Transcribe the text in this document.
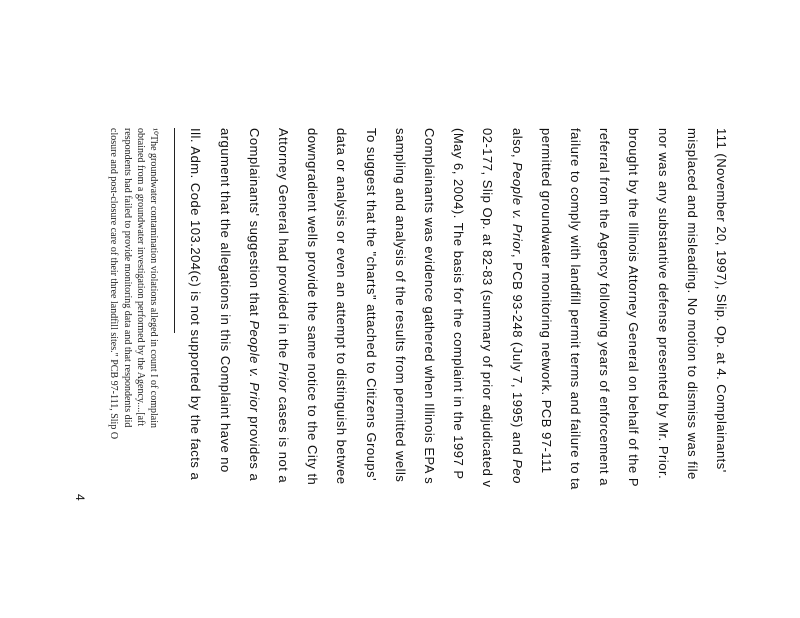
111 (November 20, 1997), Slip. Op. at 4. Complainants'
misplaced and misleading. No motion to dismiss was file
nor was any substantive defense presented by Mr. Prior.
brought by the Illinois Attorney General on behalf of the P
referral from the Agency following years of enforcement a
failure to comply with landfill permit terms and failure to ta
permitted groundwater monitoring network. PCB 97-111
also, People v. Prior, PCB 93-248 (July 7, 1995) and Peo
02-177, Slip Op. at 82-83 (summary of prior adjudicated v
(May 6, 2004). The basis for the complaint in the 1997 P
Complainants was evidence gathered when Illinois EPA s
sampling and analysis of the results from permitted wells
To suggest that the "charts" attached to Citizens Groups'
data or analysis or even an attempt to distinguish betwee
downgradient wells provide the same notice to the City th
Attorney General had provided in the Prior cases is not a
Complainants' suggestion that People v. Prior provides a
argument that the allegations in this Complaint have no
Ill. Adm. Code 103.204(c) is not supported by the facts a
¹⁰The groundwater contamination violations alleged in count I of complain
obtained from a groundwater investigation performed by the Agency....[aft
respondents had failed to provide monitoring data and that respondents did
closure and post-closure care of their three landfill sites." PCB 97-111, Slip O
4
